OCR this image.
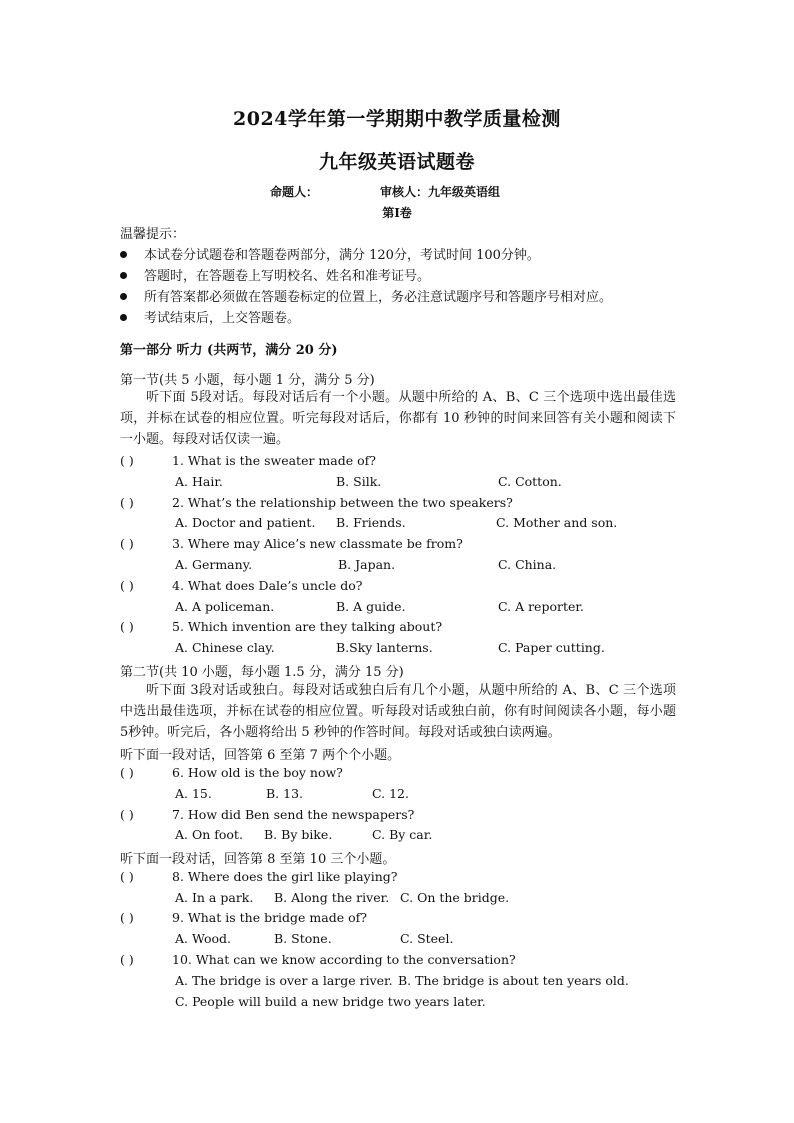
2024学年第一学期期中教学质量检测
九年级英语试题卷
命题人：	审核人：九年级英语组
第Ⅰ卷
温馨提示：
本试卷分试题卷和答题卷两部分，满分 120分，考试时间 100分钟。
答题时，在答题卷上写明校名、姓名和准考证号。
所有答案都必须做在答题卷标定的位置上，务必注意试题序号和答题序号相对应。
考试结束后，上交答题卷。
第一部分 听力 (共两节，满分 20 分)
第一节(共 5 小题，每小题 1 分，满分 5 分)
听下面 5段对话。每段对话后有一个小题。从题中所给的 A、B、C 三个选项中选出最佳选项，并标在试卷的相应位置。听完每段对话后，你都有 10 秒钟的时间来回答有关小题和阅读下一小题。每段对话仅读一遍。
( )	1. What is the sweater made of?
A. Hair.	B. Silk.	C. Cotton.
( )	2. What’s the relationship between the two speakers?
A. Doctor and patient. B. Friends.	C. Mother and son.
( )	3. Where may Alice’s new classmate be from?
A. Germany.	B. Japan.	C. China.
( )	4. What does Dale’s uncle do?
A. A policeman.	B. A guide.	C. A reporter.
( )	5. Which invention are they talking about?
A. Chinese clay.	B.Sky lanterns.	C. Paper cutting.
第二节(共 10 小题，每小题 1.5 分，满分 15 分)
听下面 3段对话或独白。每段对话或独白后有几个小题，从题中所给的 A、B、C 三个选项中选出最佳选项，并标在试卷的相应位置。听每段对话或独白前，你有时间阅读各小题，每小题 5秒钟。听完后，各小题将给出 5 秒钟的作答时间。每段对话或独白读两遍。
听下面一段对话，回答第 6 至第 7 两个个小题。
( )	6. How old is the boy now?
A. 15.	B. 13.	C. 12.
( )	7. How did Ben send the newspapers?
A. On foot. B. By bike.	C. By car.
听下面一段对话，回答第 8 至第 10 三个小题。
( )	8. Where does the girl like playing?
A. In a park. B. Along the river. C. On the bridge.
( )	9. What is the bridge made of?
A. Wood.	B. Stone.	C. Steel.
( )	10. What can we know according to the conversation?
A. The bridge is over a large river. B. The bridge is about ten years old.
C. People will build a new bridge two years later.
